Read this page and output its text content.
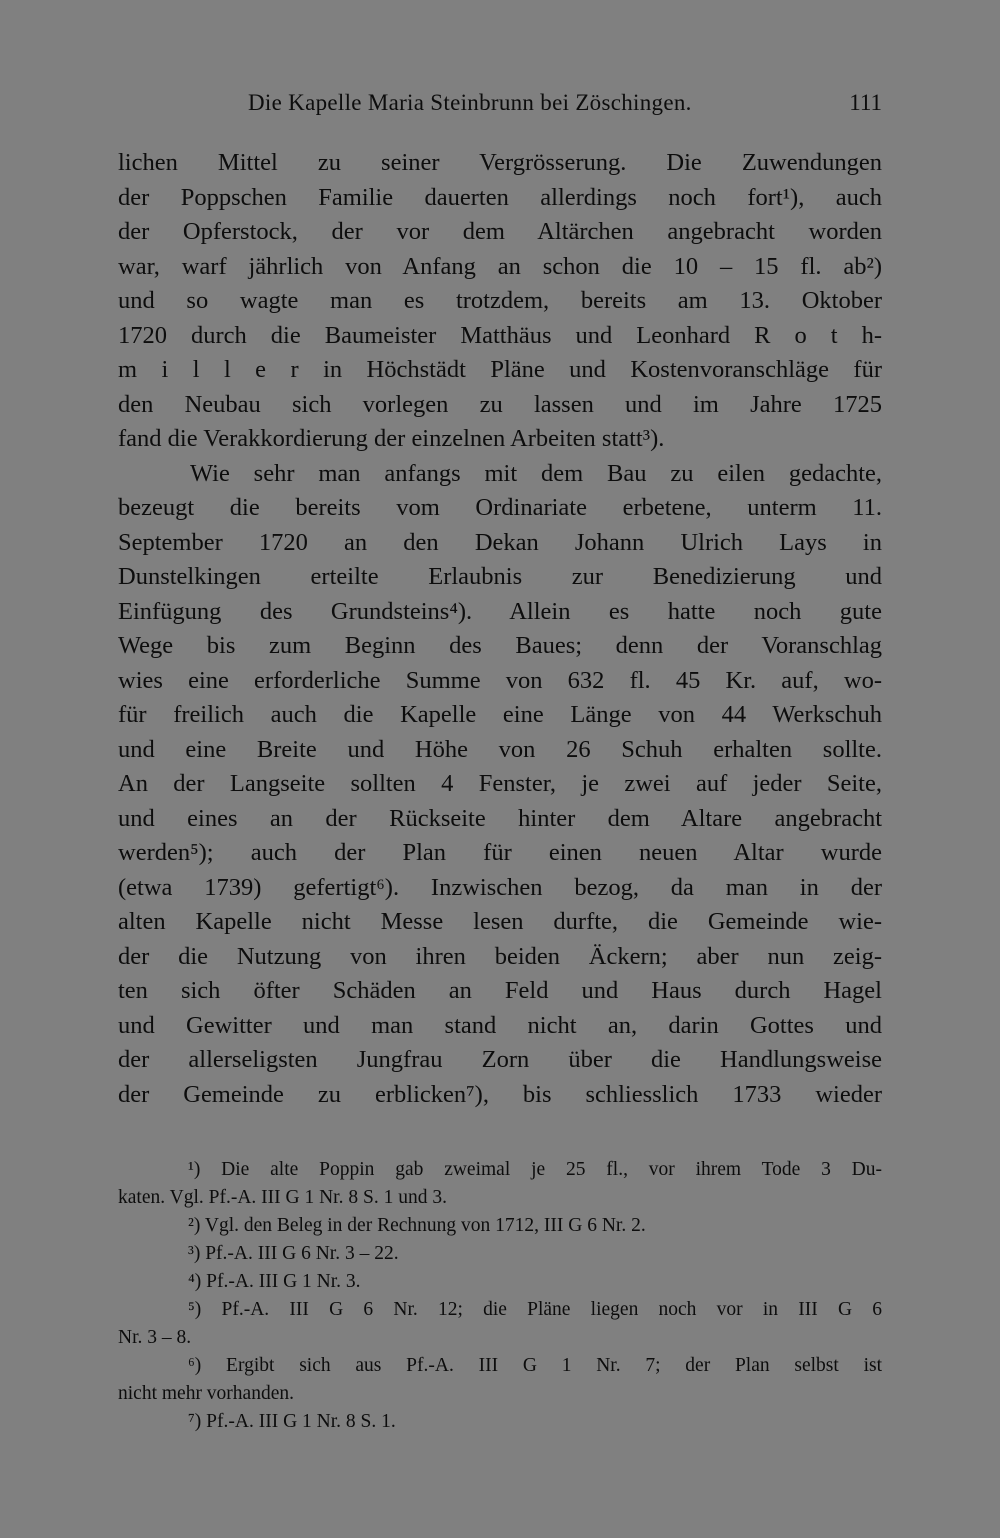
Die Kapelle Maria Steinbrunn bei Zöschingen.	111
lichen Mittel zu seiner Vergrösserung. Die Zuwendungen
der Poppschen Familie dauerten allerdings noch fort¹), auch
der Opferstock, der vor dem Altärchen angebracht worden
war, warf jährlich von Anfang an schon die 10 – 15 fl. ab²)
und so wagte man es trotzdem, bereits am 13. Oktober
1720 durch die Baumeister Matthäus und Leonhard R o t h-
m i l l e r in Höchstädt Pläne und Kostenvoranschläge für
den Neubau sich vorlegen zu lassen und im Jahre 1725
fand die Verakkordierung der einzelnen Arbeiten statt³).
Wie sehr man anfangs mit dem Bau zu eilen gedachte,
bezeugt die bereits vom Ordinariate erbetene, unterm 11.
September 1720 an den Dekan Johann Ulrich Lays in
Dunstelkingen erteilte Erlaubnis zur Benedizierung und
Einfügung des Grundsteins⁴). Allein es hatte noch gute
Wege bis zum Beginn des Baues; denn der Voranschlag
wies eine erforderliche Summe von 632 fl. 45 Kr. auf, wo-
für freilich auch die Kapelle eine Länge von 44 Werkschuh
und eine Breite und Höhe von 26 Schuh erhalten sollte.
An der Langseite sollten 4 Fenster, je zwei auf jeder Seite,
und eines an der Rückseite hinter dem Altare angebracht
werden⁵); auch der Plan für einen neuen Altar wurde
(etwa 1739) gefertigt⁶). Inzwischen bezog, da man in der
alten Kapelle nicht Messe lesen durfte, die Gemeinde wie-
der die Nutzung von ihren beiden Äckern; aber nun zeig-
ten sich öfter Schäden an Feld und Haus durch Hagel
und Gewitter und man stand nicht an, darin Gottes und
der allerseligsten Jungfrau Zorn über die Handlungsweise
der Gemeinde zu erblicken⁷), bis schliesslich 1733 wieder
¹) Die alte Poppin gab zweimal je 25 fl., vor ihrem Tode 3 Du-
katen. Vgl. Pf.-A. III G 1 Nr. 8 S. 1 und 3.
²) Vgl. den Beleg in der Rechnung von 1712, III G 6 Nr. 2.
³) Pf.-A. III G 6 Nr. 3 – 22.
⁴) Pf.-A. III G 1 Nr. 3.
⁵) Pf.-A. III G 6 Nr. 12; die Pläne liegen noch vor in III G 6
Nr. 3 – 8.
⁶) Ergibt sich aus Pf.-A. III G 1 Nr. 7; der Plan selbst ist
nicht mehr vorhanden.
⁷) Pf.-A. III G 1 Nr. 8 S. 1.
